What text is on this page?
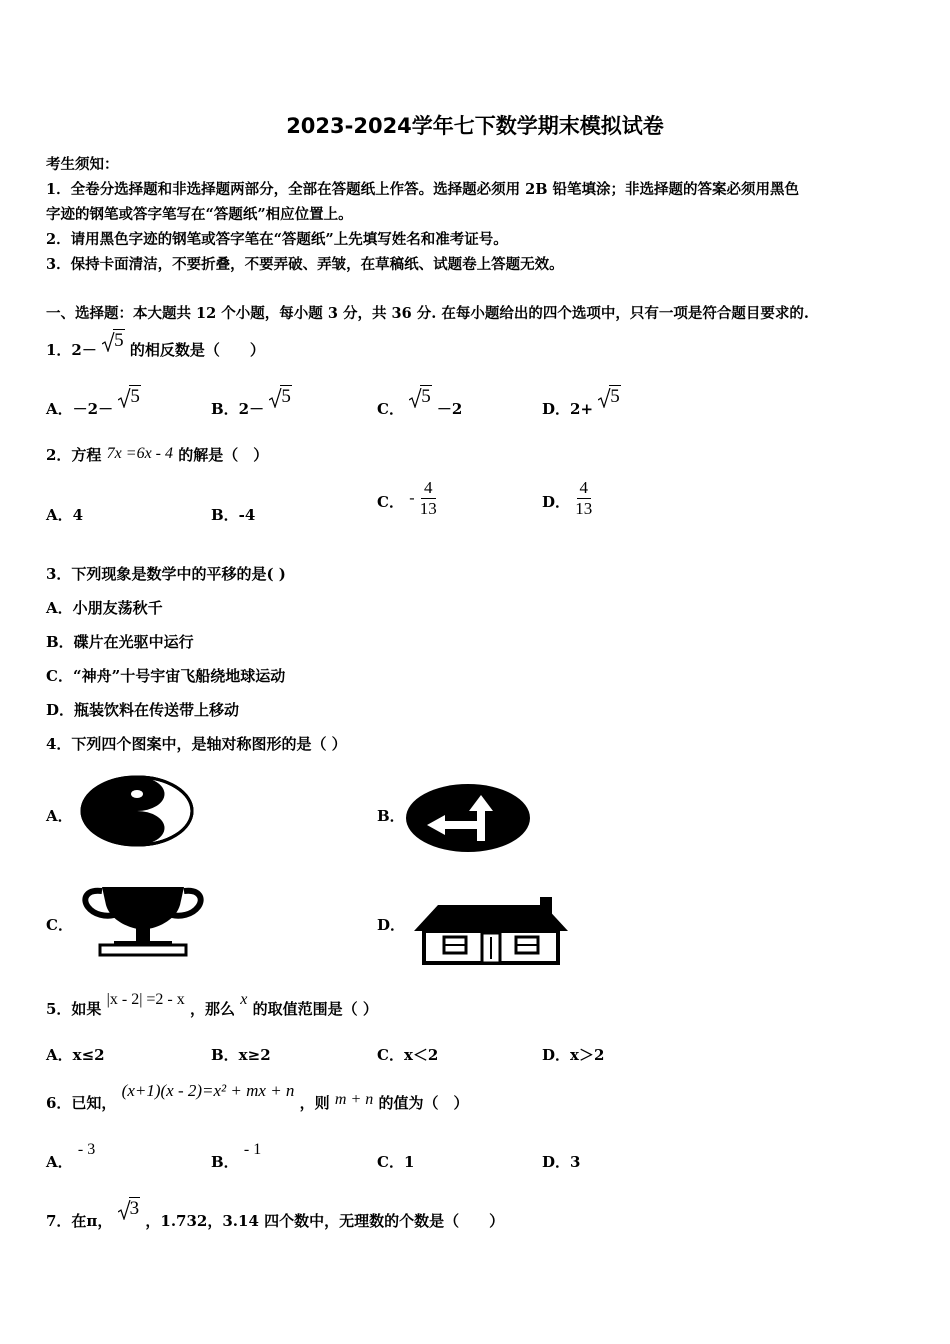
2023-2024学年七下数学期末模拟试卷
考生须知：
1．全卷分选择题和非选择题两部分，全部在答题纸上作答。选择题必须用 2B 铅笔填涂；非选择题的答案必须用黑色
字迹的钢笔或答字笔写在“答题纸”相应位置上。
2．请用黑色字迹的钢笔或答字笔在“答题纸”上先填写姓名和准考证号。
3．保持卡面清洁，不要折叠，不要弄破、弄皱，在草稿纸、试题卷上答题无效。
一、选择题：本大题共 12 个小题，每小题 3 分，共 36 分. 在每小题给出的四个选项中，只有一项是符合题目要求的.
1．2－ 5 的相反数是（　　）
A．－2－
5
B．2－
5
C．
5 －2	D．2+
5
2．方程 7x =6x - 4 的解是（　）
A．4	B．-4
C． - $\frac{4}{13}$	D． $\frac{4}{13}$
3．下列现象是数学中的平移的是( )
A．小朋友荡秋千
B．碟片在光驱中运行
C．“神舟”十号宇宙飞船绕地球运动
D．瓶装饮料在传送带上移动
4．下列四个图案中，是轴对称图形的是（ ）
A．	B．
C．	D．
5．如果 |x - 2| =2 - x ，那么 x 的取值范围是（ ）
A．x≤2	B．x≥2	C．x＜2	D．x＞2
6．已知， (x+1)(x - 2)=x² + mx + n ，则 m + n 的值为（　）
A． - 3
B． - 1
C．1	D．3
7．在π，
3 ，1.732，3.14 四个数中，无理数的个数是（　　）
